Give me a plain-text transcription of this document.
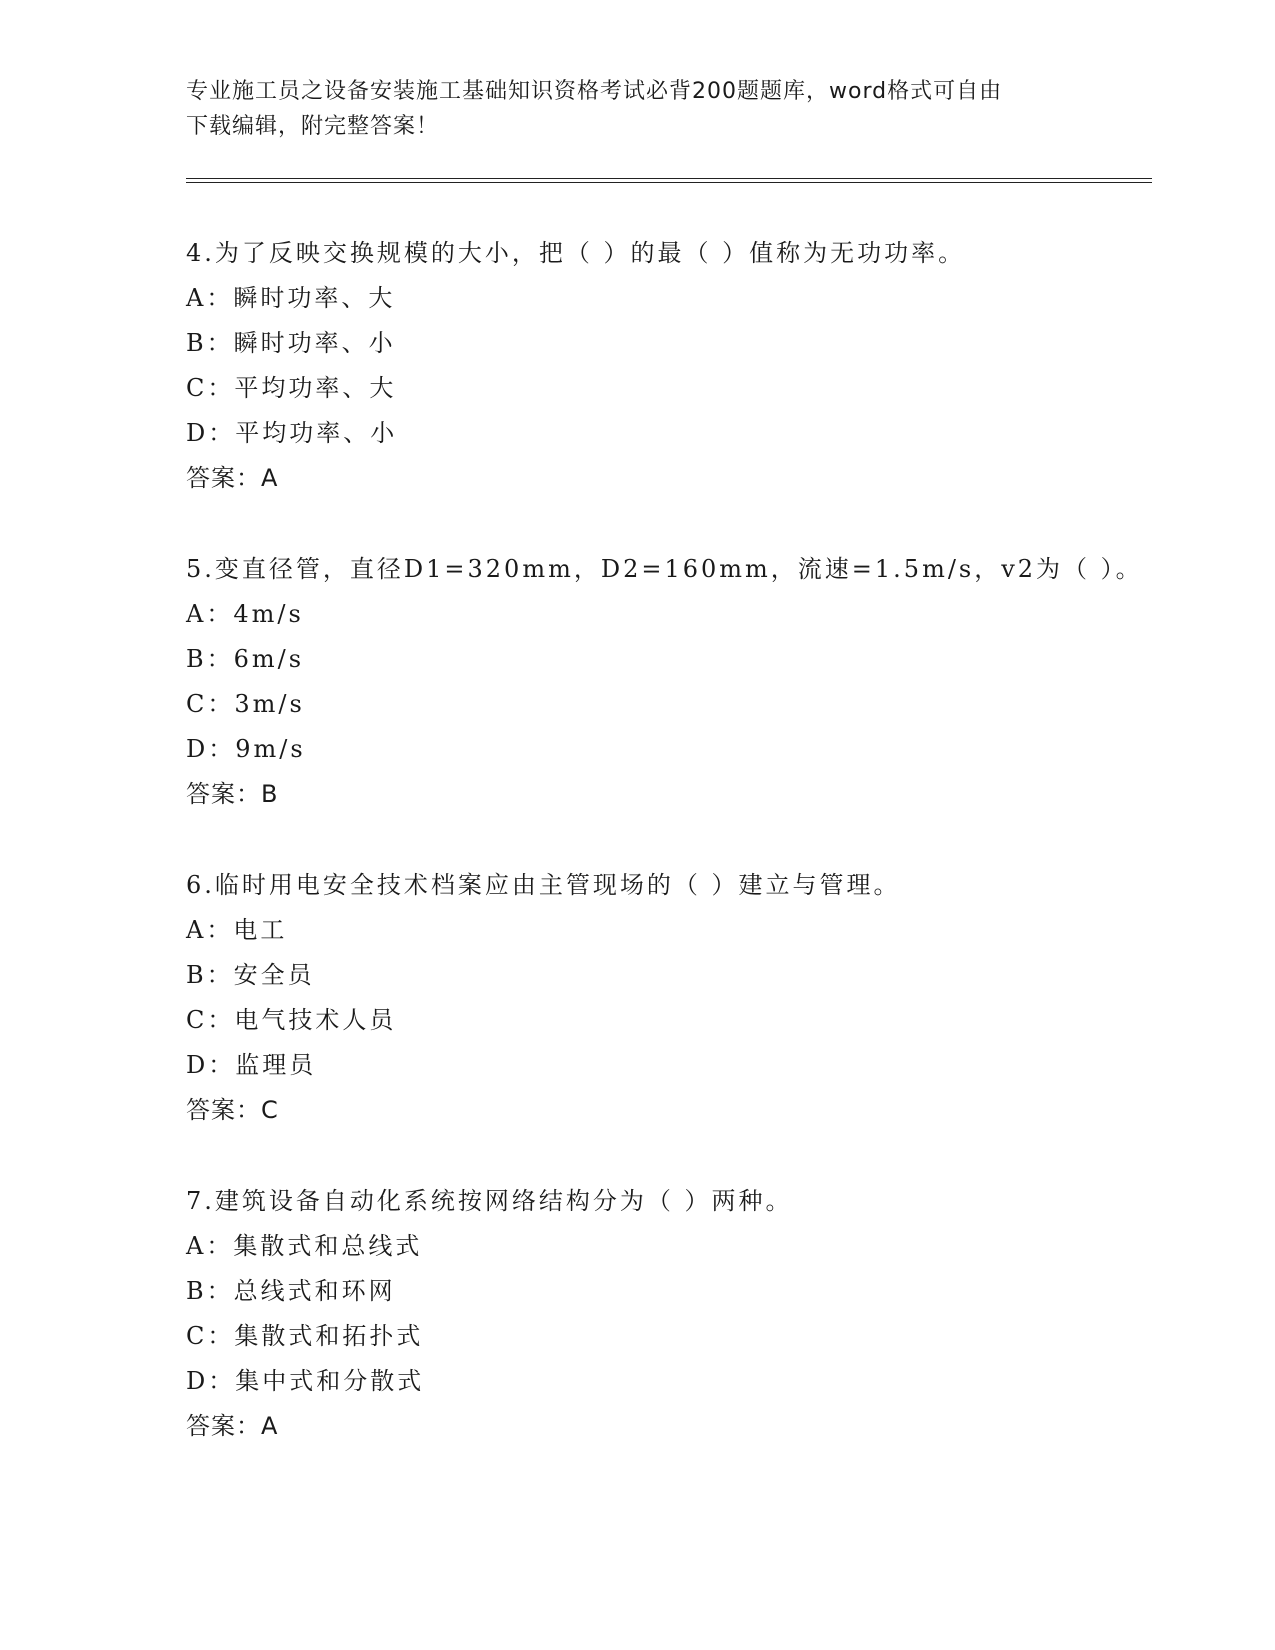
专业施工员之设备安装施工基础知识资格考试必背200题题库，word格式可自由
下载编辑，附完整答案！
4.为了反映交换规模的大小，把（ ）的最（ ）值称为无功功率。
A：瞬时功率、大
B：瞬时功率、小
C：平均功率、大
D：平均功率、小
答案：A
5.变直径管，直径D1=320mm，D2=160mm，流速=1.5m/s，v2为（ ）。
A：4m/s
B：6m/s
C：3m/s
D：9m/s
答案：B
6.临时用电安全技术档案应由主管现场的（ ）建立与管理。
A：电工
B：安全员
C：电气技术人员
D：监理员
答案：C
7.建筑设备自动化系统按网络结构分为（ ）两种。
A：集散式和总线式
B：总线式和环网
C：集散式和拓扑式
D：集中式和分散式
答案：A
